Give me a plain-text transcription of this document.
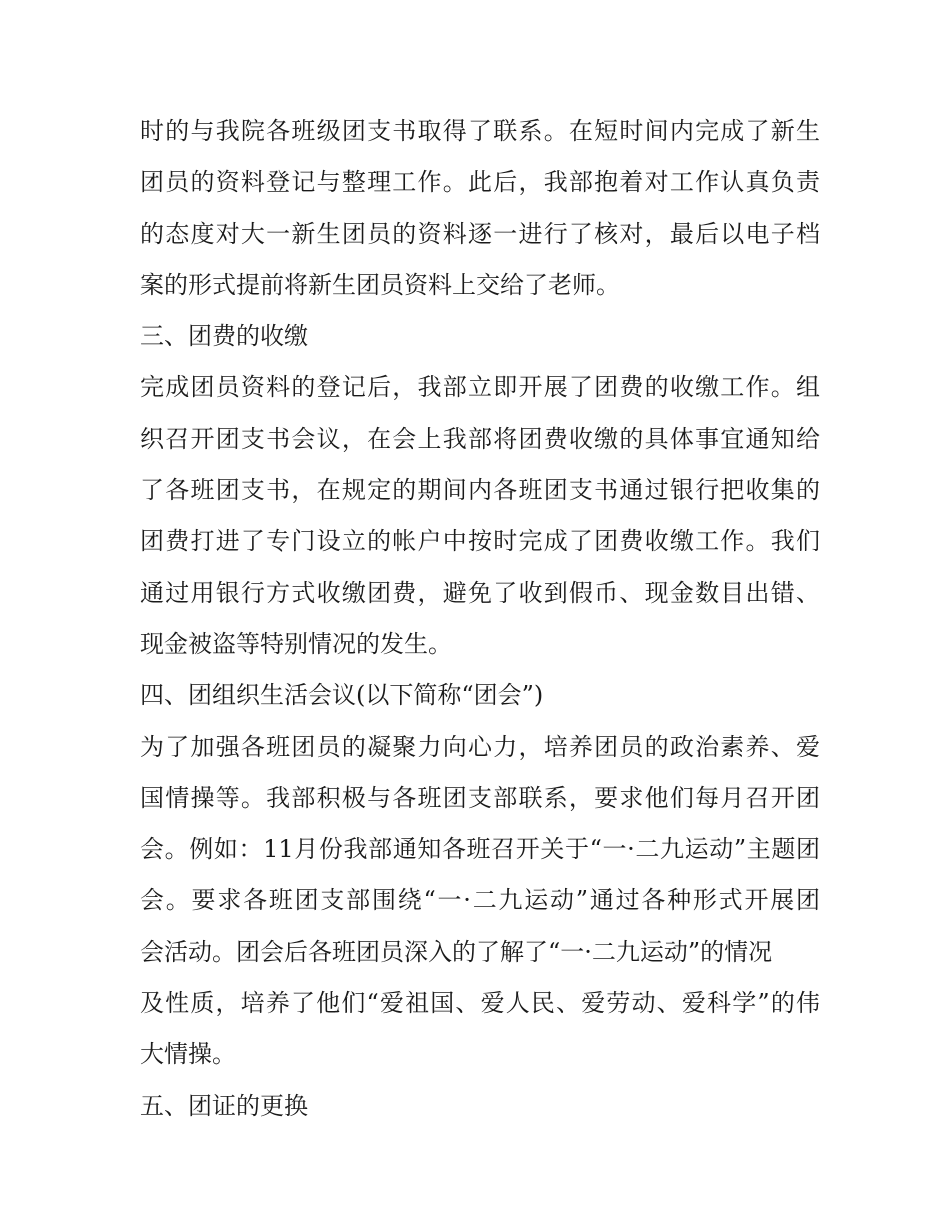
时的与我院各班级团支书取得了联系。在短时间内完成了新生
团员的资料登记与整理工作。此后，我部抱着对工作认真负责
的态度对大一新生团员的资料逐一进行了核对，最后以电子档
案的形式提前将新生团员资料上交给了老师。
三、团费的收缴
完成团员资料的登记后，我部立即开展了团费的收缴工作。组
织召开团支书会议，在会上我部将团费收缴的具体事宜通知给
了各班团支书，在规定的期间内各班团支书通过银行把收集的
团费打进了专门设立的帐户中按时完成了团费收缴工作。我们
通过用银行方式收缴团费，避免了收到假币、现金数目出错、
现金被盗等特别情况的发生。
四、团组织生活会议(以下简称“团会”)
为了加强各班团员的凝聚力向心力，培养团员的政治素养、爱
国情操等。我部积极与各班团支部联系，要求他们每月召开团
会。例如：11月份我部通知各班召开关于“一·二九运动”主题团
会。要求各班团支部围绕“一·二九运动”通过各种形式开展团
会活动。团会后各班团员深入的了解了“一·二九运动”的情况
及性质，培养了他们“爱祖国、爱人民、爱劳动、爱科学”的伟
大情操。
五、团证的更换
